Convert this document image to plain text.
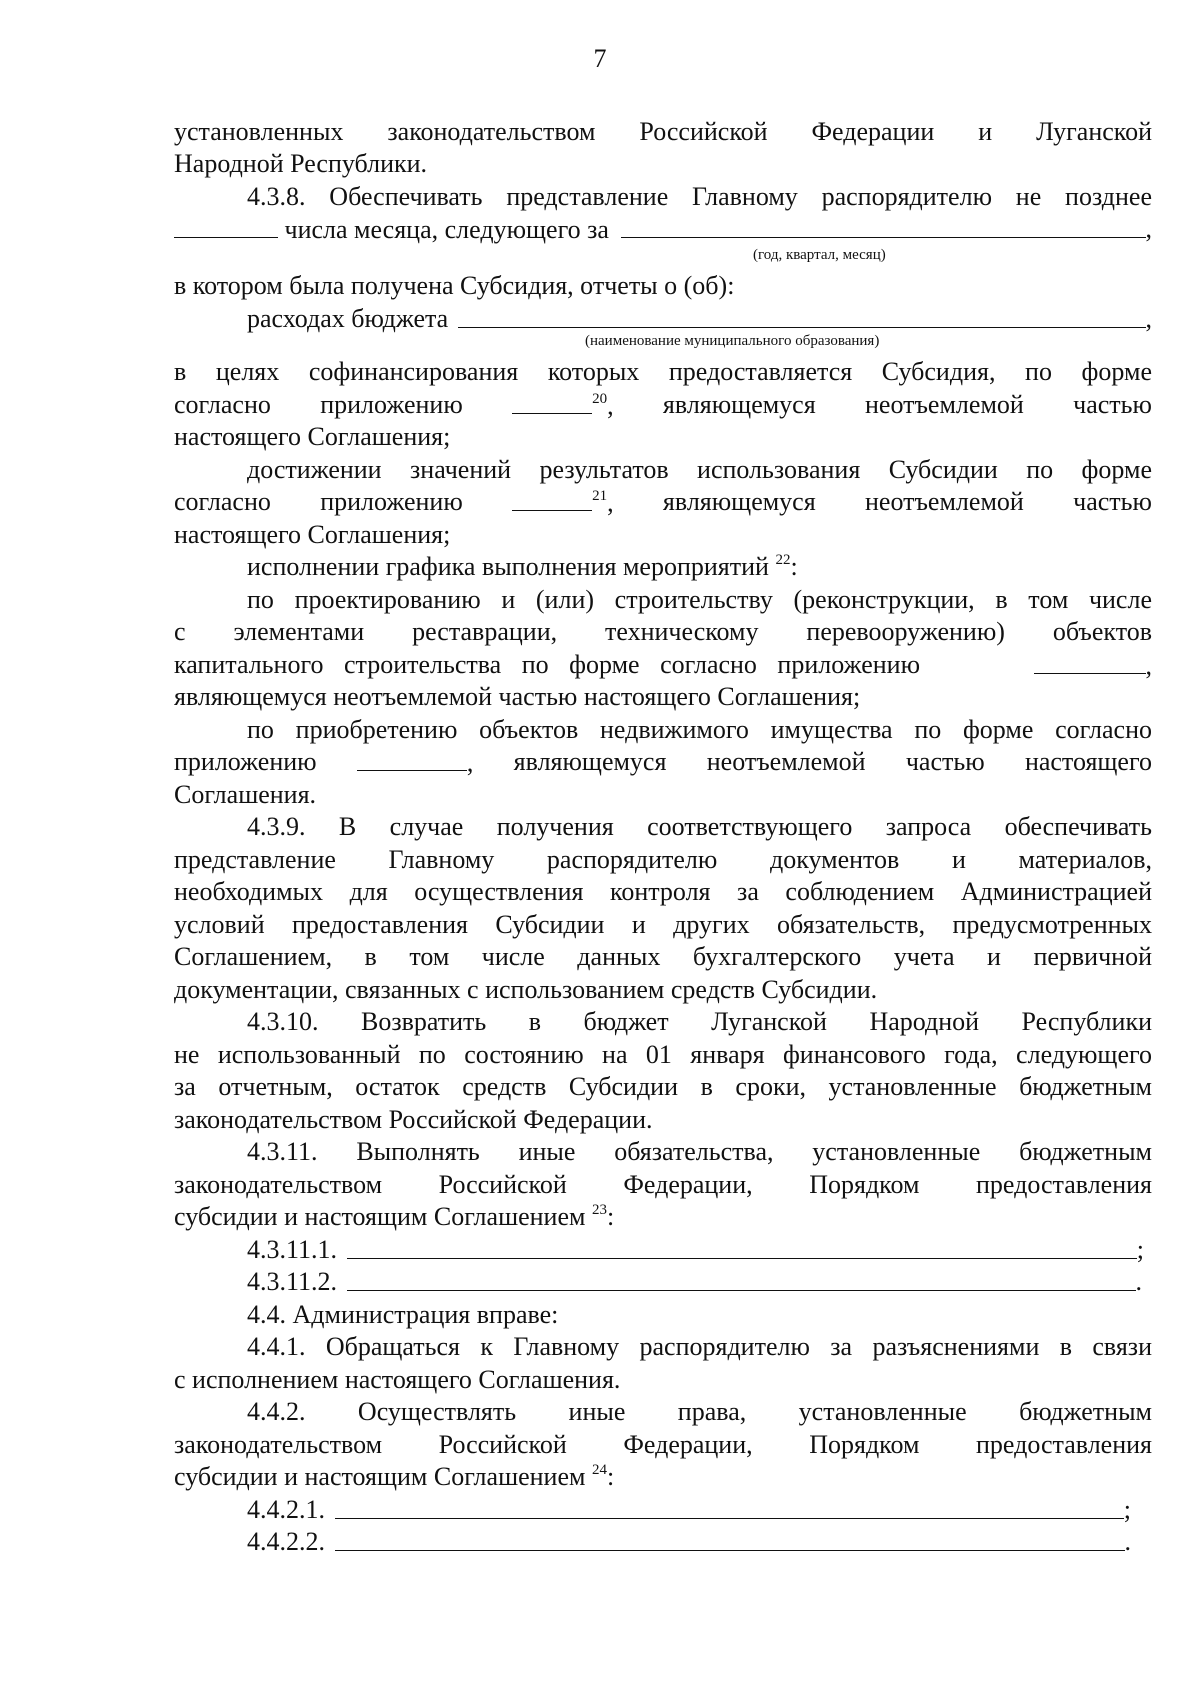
7
установленных законодательством Российской Федерации и Луганской
Народной Республики.
4.3.8. Обеспечивать представление Главному распорядителю не позднее
числа месяца, следующего за	,
(год, квартал, месяц)
в котором была получена Субсидия, отчеты о (об):
расходах бюджета	,
(наименование муниципального образования)
в целях софинансирования которых предоставляется Субсидия, по форме
согласно приложению	$^{20}$, являющемуся неотъемлемой частью
настоящего Соглашения;
достижении значений результатов использования Субсидии по форме
согласно приложению	$^{21}$, являющемуся неотъемлемой частью
настоящего Соглашения;
исполнении графика выполнения мероприятий $^{22}$:
по проектированию и (или) строительству (реконструкции, в том числе
с элементами реставрации, техническому перевооружению) объектов
капитального строительства по форме согласно приложению	,
являющемуся неотъемлемой частью настоящего Соглашения;
по приобретению объектов недвижимого имущества по форме согласно
приложению	, являющемуся неотъемлемой частью настоящего
Соглашения.
4.3.9. В случае получения соответствующего запроса обеспечивать
представление Главному распорядителю документов и материалов,
необходимых для осуществления контроля за соблюдением Администрацией
условий предоставления Субсидии и других обязательств, предусмотренных
Соглашением, в том числе данных бухгалтерского учета и первичной
документации, связанных с использованием средств Субсидии.
4.3.10. Возвратить в бюджет Луганской Народной Республики
не использованный по состоянию на 01 января финансового года, следующего
за отчетным, остаток средств Субсидии в сроки, установленные бюджетным
законодательством Российской Федерации.
4.3.11. Выполнять иные обязательства, установленные бюджетным
законодательством Российской Федерации, Порядком предоставления
субсидии и настоящим Соглашением $^{23}$:
4.3.11.1.	;
4.3.11.2.	.
4.4. Администрация вправе:
4.4.1. Обращаться к Главному распорядителю за разъяснениями в связи
с исполнением настоящего Соглашения.
4.4.2. Осуществлять иные права, установленные бюджетным
законодательством Российской Федерации, Порядком предоставления
субсидии и настоящим Соглашением $^{24}$:
4.4.2.1.	;
4.4.2.2.	.
